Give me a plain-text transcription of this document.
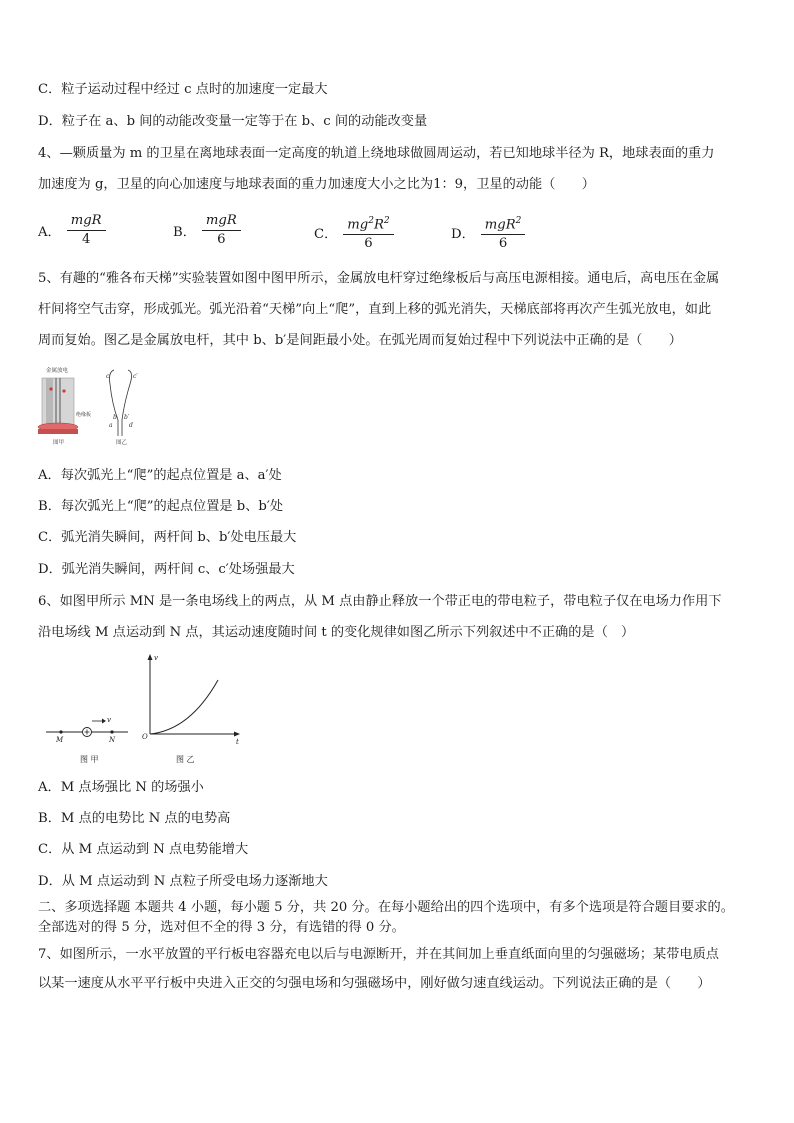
C．粒子运动过程中经过 c 点时的加速度一定最大
D．粒子在 a、b 间的动能改变量一定等于在 b、c 间的动能改变量
4、—颗质量为 m 的卫星在离地球表面一定高度的轨道上绕地球做圆周运动，若已知地球半径为 R，地球表面的重力
加速度为 g，卫星的向心加速度与地球表面的重力加速度大小之比为1：9，卫星的动能（　　）
A． $\frac{\text{mgR}}{4}$	B． $\frac{\text{mgR}}{6}$	C． $\frac{mg^2R^2}{6}$	D． $\frac{mgR^2}{6}$
5、有趣的“雅各布天梯”实验装置如图中图甲所示，金属放电杆穿过绝缘板后与高压电源相接。通电后，高电压在金属
杆间将空气击穿，形成弧光。弧光沿着“天梯”向上“爬”，直到上移的弧光消失，天梯底部将再次产生弧光放电，如此
周而复始。图乙是金属放电杆，其中 b、b′是间距最小处。在弧光周而复始过程中下列说法中正确的是（　　）
金属放电
绝缘板
图甲
c	c′
b b′
a	d
图乙
A．每次弧光上“爬”的起点位置是 a、a′处
B．每次弧光上“爬”的起点位置是 b、b′处
C．弧光消失瞬间，两杆间 b、b′处电压最大
D．弧光消失瞬间，两杆间 c、c′处场强最大
6、如图甲所示 MN 是一条电场线上的两点，从 M 点由静止释放一个带正电的带电粒子，带电粒子仅在电场力作用下
沿电场线 M 点运动到 N 点，其运动速度随时间 t 的变化规律如图乙所示下列叙述中不正确的是（　）
v
M	N
图 甲
v
O
t
图 乙
A．M 点场强比 N 的场强小
B．M 点的电势比 N 点的电势高
C．从 M 点运动到 N 点电势能增大
D．从 M 点运动到 N 点粒子所受电场力逐渐地大
二、多项选择题 本题共 4 小题，每小题 5 分，共 20 分。在每小题给出的四个选项中，有多个选项是符合题目要求的。
全部选对的得 5 分，选对但不全的得 3 分，有选错的得 0 分。
7、如图所示，一水平放置的平行板电容器充电以后与电源断开，并在其间加上垂直纸面向里的匀强磁场；某带电质点
以某一速度从水平平行板中央进入正交的匀强电场和匀强磁场中，刚好做匀速直线运动。下列说法正确的是（　　）
